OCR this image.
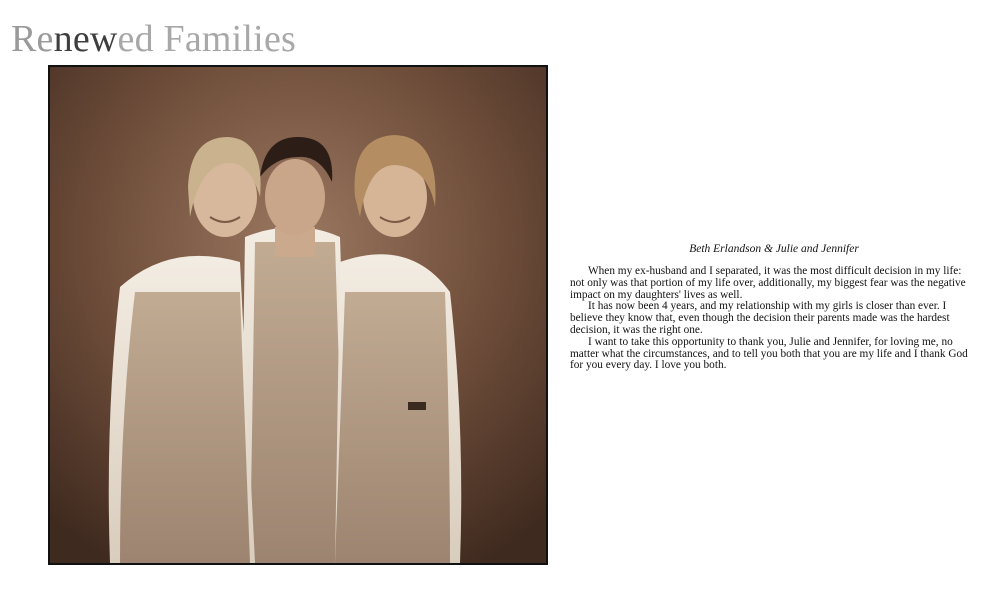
Renewed Families
Beth Erlandson & Julie and Jennifer

When my ex-husband and I separated, it was the most difficult decision in my life: not only was that portion of my life over, additionally, my biggest fear was the negative impact on my daughters' lives as well.

It has now been 4 years, and my relationship with my girls is closer than ever. I believe they know that, even though the decision their parents made was the hardest decision, it was the right one.

I want to take this opportunity to thank you, Julie and Jennifer, for loving me, no matter what the circumstances, and to tell you both that you are my life and I thank God for you every day. I love you both.
